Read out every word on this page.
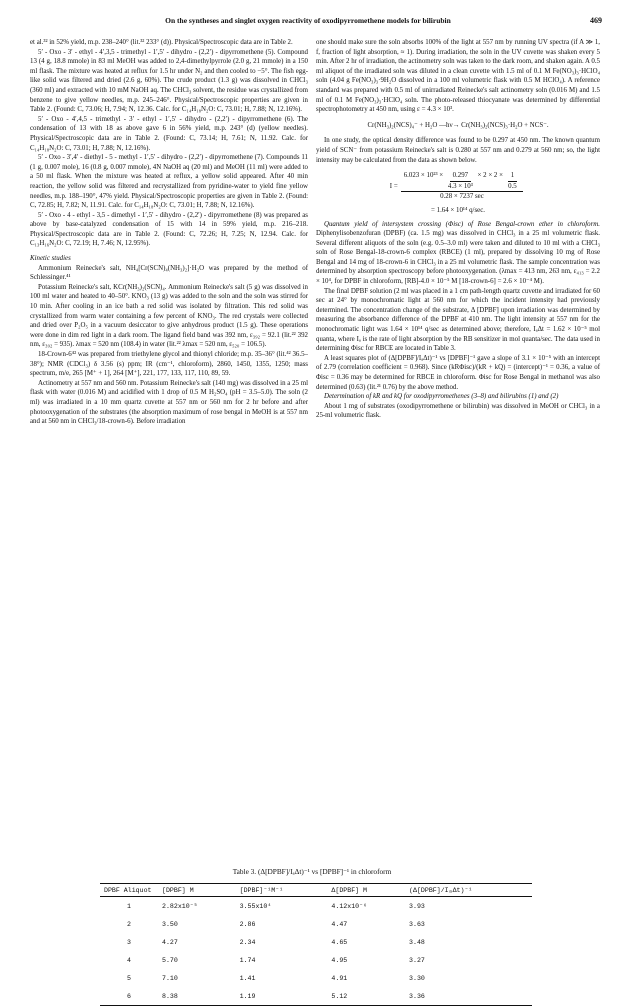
On the syntheses and singlet oxygen reactivity of oxodipyrromethene models for bilirubin	469

et al.³² in 52% yield, m.p. 238–240° (lit.³² 233° (d)). Physical/Spectroscopic data are in Table 2.

5′ - Oxo - 3′ - ethyl - 4′,3,5 - trimethyl - 1′,5′ - dihydro - (2,2′) - dipyrromethene (5). Compound 13 (4 g, 18.8 mmole) in 83 ml MeOH was added to 2,4-dimethylpyrrole (2.0 g, 21 mmole) in a 150 ml flask. The mixture was heated at reflux for 1.5 hr under N₂ and then cooled to −5°. The fish egg-like solid was filtered and dried (2.6 g, 60%). The crude product (1.3 g) was dissolved in CHCl₃ (360 ml) and extracted with 10 mM NaOH aq. The CHCl₃ solvent, the residue was crystallized from benzene to give yellow needles, m.p. 245–246°. Physical/Spectroscopic properties are given in Table 2. (Found: C, 73.06; H, 7.94; N, 12.36. Calc. for C₁₄H₁₈N₂O: C, 73.01; H, 7.88; N, 12.16%).

5′ - Oxo - 4′,4,5 - trimethyl - 3′ - ethyl - 1′,5′ - dihydro - (2,2′) - dipyrromethene (6). The condensation of 13 with 18 as above gave 6 in 56% yield, m.p. 243° (d) (yellow needles). Physical/Spectroscopic data are in Table 2. (Found: C, 73.14; H, 7.61; N, 11.92. Calc. for C₁₄H₁₈N₂O: C, 73.01; H, 7.88; N, 12.16%).

5′ - Oxo - 3′,4′ - diethyl - 5 - methyl - 1′,5′ - dihydro - (2,2′) - dipyrromethene (7). Compounds 11 (1 g, 0.007 mole), 16 (0.8 g, 0.007 mmole), 4N NaOH aq (20 ml) and MeOH (11 ml) were added to a 50 ml flask. When the mixture was heated at reflux, a yellow solid appeared. After 40 min reaction, the yellow solid was filtered and recrystallized from pyridine-water to yield fine yellow needles, m.p. 188–190°, 47% yield. Physical/Spectroscopic properties are given in Table 2. (Found: C, 72.85; H, 7.82; N, 11.91. Calc. for C₁₄H₁₈N₂O: C, 73.01; H, 7.88; N, 12.16%).

5′ - Oxo - 4 - ethyl - 3,5 - dimethyl - 1′,5′ - dihydro - (2,2′) - dipyrromethene (8) was prepared as above by base-catalyzed condensation of 15 with 14 in 59% yield, m.p. 216–218. Physical/Spectroscopic data are in Table 2. (Found: C, 72.26; H, 7.25; N, 12.94. Calc. for C₁₃H₁₆N₂O: C, 72.19; H, 7.46; N, 12.95%).

Kinetic studies

Ammonium Reinecke's salt, NH₄[Cr(SCN)₄(NH₃)₂]·H₂O was prepared by the method of Schlessinger.⁴¹

Potassium Reinecke's salt, KCr(NH₃)₂(SCN)₄. Ammonium Reinecke's salt (5 g) was dissolved in 100 ml water and heated to 40–50°. KNO₃ (13 g) was added to the soln and the soln was stirred for 10 min. After cooling in an ice bath a red solid was isolated by filtration. This red solid was crystallized from warm water containing a few percent of KNO₃. The red crystals were collected and dried over P₂O₅ in a vacuum desiccator to give anhydrous product (1.5 g). These operations were done in dim red light in a dark room. The ligand field band was 392 nm, ε₃₉₂ = 92.1 (lit.²² 392 nm, ε₃₉₂ = 935). λmax = 520 nm (108.4) in water (lit.²² λmax = 520 nm, ε₅₂₀ = 106.5).

18-Crown-6⁴² was prepared from triethylene glycol and thionyl chloride; m.p. 35–36° (lit.⁴² 36.5–38°); NMR (CDCl₃) δ 3.56 (s) ppm; IR (cm⁻¹, chloroform), 2860, 1450, 1355, 1250; mass spectrum, m/e, 265 [M⁺ + 1], 264 [M⁺], 221, 177, 133, 117, 110, 89, 59.

Actinometry at 557 nm and 560 nm. Potassium Reinecke's salt (140 mg) was dissolved in a 25 ml flask with water (0.016 M) and acidified with 1 drop of 0.5 M H₂SO₄ (pH = 3.5–5.0). The soln (2 ml) was irradiated in a 10 mm quartz cuvette at 557 nm or 560 nm for 2 hr before and after photooxygenation of the substrates (the absorption maximum of rose bengal in MeOH is at 557 nm and at 560 nm in CHCl₃/18-crown-6). Before irradiation

one should make sure the soln absorbs 100% of the light at 557 nm by running UV spectra (if A ≫ 1, f, fraction of light absorption, ≈ 1). During irradiation, the soln in the UV cuvette was shaken every 5 min. After 2 hr of irradiation, the actinometry soln was taken to the dark room, and shaken again. A 0.5 ml aliquot of the irradiated soln was diluted in a clean cuvette with 1.5 ml of 0.1 M Fe(NO₃)₃·HClO₄ soln (4.04 g Fe(NO₃)₃·9H₂O dissolved in a 100 ml volumetric flask with 0.5 M HClO₄). A reference standard was prepared with 0.5 ml of unirradiated Reinecke's salt actinometry soln (0.016 M) and 1.5 ml of 0.1 M Fe(NO₃)₃·HClO₄ soln. The photo-released thiocyanate was determined by differential spectrophotometry at 450 nm, using ε = 4.3 × 10³.

Cr(NH₃)₂(NCS)₄⁻ + H₂O —hν→ Cr(NH₃)₂(NCS)₃·H₂O + NCS⁻.

In one study, the optical density difference was found to be 0.297 at 450 nm. The known quantum yield of SCN⁻ from potassium Reinecke's salt is 0.280 at 557 nm and 0.279 at 560 nm; so, the light intensity may be calculated from the data as shown below.

I =
$6.023 \times 10^{23} \times \frac{0.297}{\text{4.3 × 10³}} \times 2 \times 2 \times \frac{1}{0.5}$
0.28 × 7237 sec
= 1.64 × 10¹⁴ q/sec.

Quantum yield of intersystem crossing (Φisc) of Rose Bengal-crown ether in chloroform. Diphenylisobenzofuran (DPBF) (ca. 1.5 mg) was dissolved in CHCl₃ in a 25 ml volumetric flask. Several different aliquots of the soln (e.g. 0.5–3.0 ml) were taken and diluted to 10 ml with a CHCl₃ soln of Rose Bengal-18-crown-6 complex (RBCE) (1 ml), prepared by dissolving 10 mg of Rose Bengal and 14 mg of 18-crown-6 in CHCl₃ in a 25 ml volumetric flask. The sample concentration was determined by absorption spectroscopy before photooxygenation. (λmax = 413 nm, 263 nm, ε₄₁₃ = 2.2 × 10⁴, for DPBF in chloroform, [RB]-4.0 × 10⁻⁵ M [18-crown-6] = 2.6 × 10⁻⁴ M).

The final DPBF solution (2 ml was placed in a 1 cm path-length quartz cuvette and irradiated for 60 sec at 24° by monochromatic light at 560 nm for which the incident intensity had previously determined. The concentration change of the substrate, Δ [DPBF] upon irradiation was determined by measuring the absorbance difference of the DPBF at 410 nm. The light intensity at 557 nm for the monochromatic light was 1.64 × 10¹⁴ q/sec as determined above; therefore, IₐΔt = 1.62 × 10⁻⁵ mol quanta, where Iₐ is the rate of light absorption by the RB sensitizer in mol quanta/sec. The data used in determining Φisc for RBCE are located in Table 3.

A least squares plot of (Δ[DPBF]/IₐΔt)⁻¹ vs [DPBF]⁻¹ gave a slope of 3.1 × 10⁻⁵ with an intercept of 2.79 (correlation coefficient = 0.968). Since (kRΦisc)/(kR + kQ) = (intercept)⁻¹ = 0.36, a value of Φisc = 0.36 may be determined for RBCE in chloroform. Φisc for Rose Bengal in methanol was also determined (0.63) (lit.²¹ 0.76) by the above method.

Determination of kR and kQ for oxodipyrromethenes (3–8) and bilirubins (1) and (2)

About 1 mg of substrates (oxodipyrromethene or bilirubin) was dissolved in MeOH or CHCl₃ in a 25-ml volumetric flask.

Table 3. (Δ[DPBF]/IₐΔt)⁻¹ vs [DPBF]⁻¹ in chloroform
DPBF Aliquot	[DPBF] M	[DPBF]⁻¹M⁻¹	Δ[DPBF] M	(Δ[DPBF]/IₐΔt)⁻¹
1	2.82x10⁻⁵	3.55x10⁴	4.12x10⁻⁶	3.93
2	3.50	2.86	4.47	3.63
3	4.27	2.34	4.65	3.48
4	5.70	1.74	4.95	3.27
5	7.10	1.41	4.91	3.30
6	8.38	1.19	5.12	3.36
